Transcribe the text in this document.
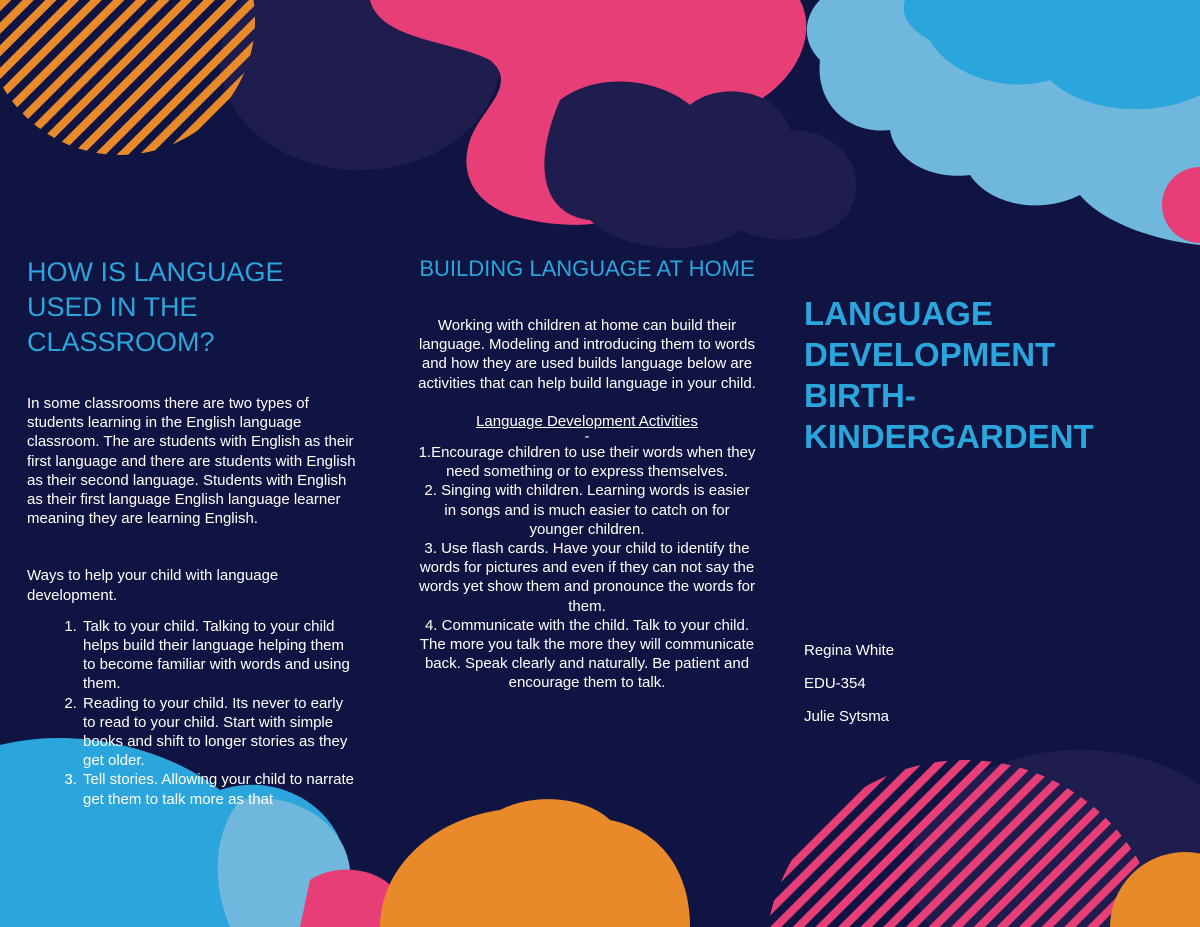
HOW IS LANGUAGE USED IN THE CLASSROOM?

In some classrooms there are two types of students learning in the English language classroom. The are students with English as their first language and there are students with English as their second language. Students with English as their first language English language learner meaning they are learning English.

Ways to help your child with language development.

1. Talk to your child. Talking to your child helps build their language helping them to become familiar with words and using them.
2. Reading to your child. Its never to early to read to your child. Start with simple books and shift to longer stories as they get older.
3. Tell stories. Allowing your child to narrate get them to talk more as that
BUILDING LANGUAGE AT HOME

Working with children at home can build their language. Modeling and introducing them to words and how they are used builds language below are activities that can help build language in your child.

Language Development Activities

-

1.Encourage children to use their words when they need something or to express themselves.

2. Singing with children. Learning words is easier in songs and is much easier to catch on for younger children.

3. Use flash cards. Have your child to identify the words for pictures and even if they can not say the words yet show them and pronounce the words for them.

4. Communicate with the child. Talk to your child. The more you talk the more they will communicate back. Speak clearly and naturally. Be patient and encourage them to talk.

LANGUAGE

DEVELOPMENT

BIRTH-

KINDERGARDENT

Regina White

EDU-354

Julie Sytsma
